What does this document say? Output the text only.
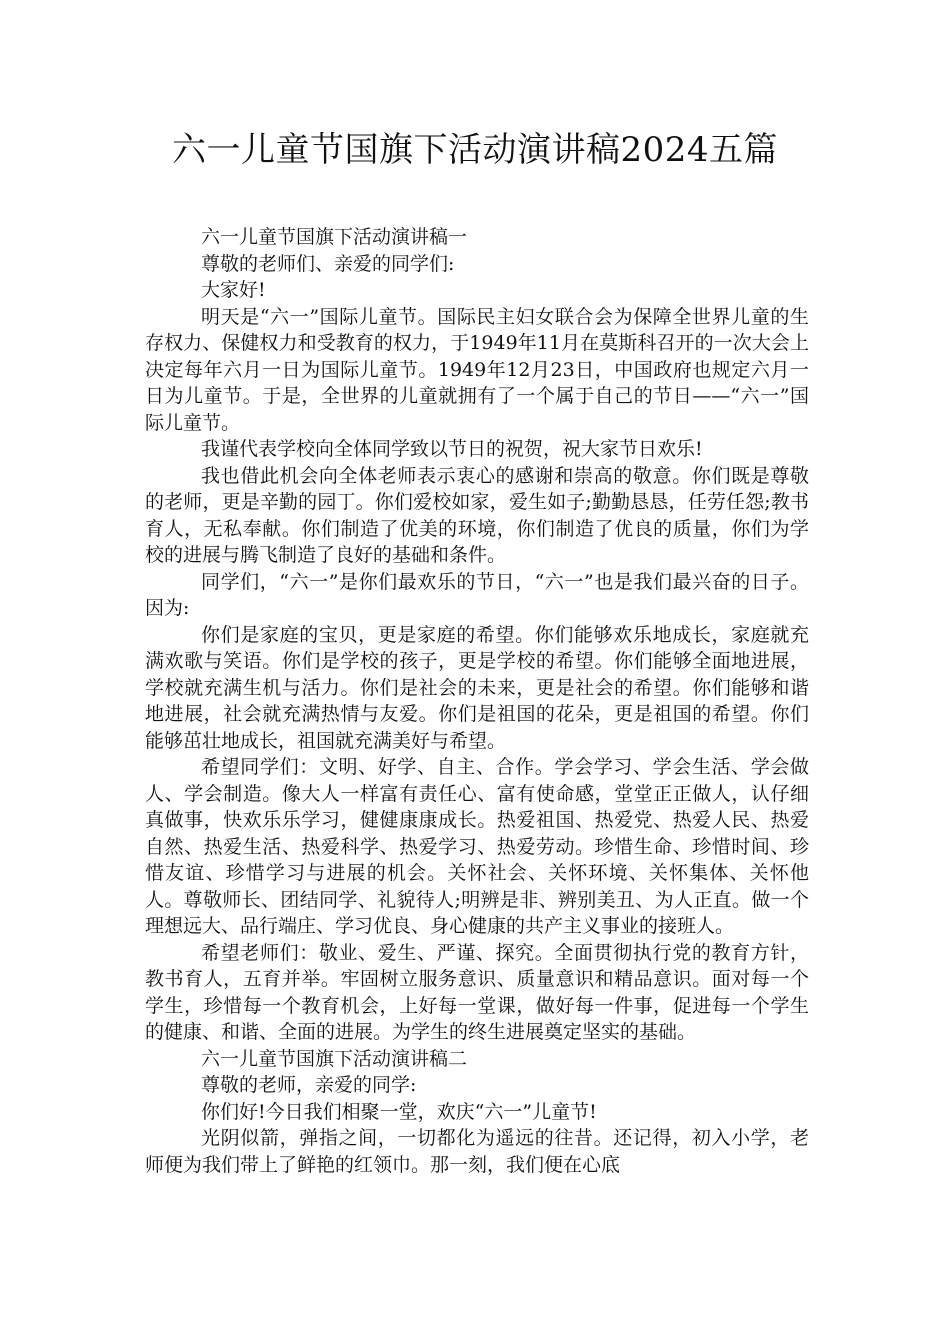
六一儿童节国旗下活动演讲稿2024五篇

六一儿童节国旗下活动演讲稿一

尊敬的老师们、亲爱的同学们:

大家好!

明天是“六一”国际儿童节。国际民主妇女联合会为保障全世界儿童的生存权力、保健权力和受教育的权力，于1949年11月在莫斯科召开的一次大会上决定每年六月一日为国际儿童节。1949年12月23日，中国政府也规定六月一日为儿童节。于是，全世界的儿童就拥有了一个属于自己的节日——“六一”国际儿童节。

我谨代表学校向全体同学致以节日的祝贺，祝大家节日欢乐!

我也借此机会向全体老师表示衷心的感谢和崇高的敬意。你们既是尊敬的老师，更是辛勤的园丁。你们爱校如家，爱生如子;勤勤恳恳，任劳任怨;教书育人，无私奉献。你们制造了优美的环境，你们制造了优良的质量，你们为学校的进展与腾飞制造了良好的基础和条件。

同学们，“六一”是你们最欢乐的节日，“六一”也是我们最兴奋的日子。因为:

你们是家庭的宝贝，更是家庭的希望。你们能够欢乐地成长，家庭就充满欢歌与笑语。你们是学校的孩子，更是学校的希望。你们能够全面地进展，学校就充满生机与活力。你们是社会的未来，更是社会的希望。你们能够和谐地进展，社会就充满热情与友爱。你们是祖国的花朵，更是祖国的希望。你们能够茁壮地成长，祖国就充满美好与希望。

希望同学们：文明、好学、自主、合作。学会学习、学会生活、学会做人、学会制造。像大人一样富有责任心、富有使命感，堂堂正正做人，认仔细真做事，快欢乐乐学习，健健康康成长。热爱祖国、热爱党、热爱人民、热爱自然、热爱生活、热爱科学、热爱学习、热爱劳动。珍惜生命、珍惜时间、珍惜友谊、珍惜学习与进展的机会。关怀社会、关怀环境、关怀集体、关怀他人。尊敬师长、团结同学、礼貌待人;明辨是非、辨别美丑、为人正直。做一个理想远大、品行端庄、学习优良、身心健康的共产主义事业的接班人。

希望老师们：敬业、爱生、严谨、探究。全面贯彻执行党的教育方针，教书育人，五育并举。牢固树立服务意识、质量意识和精品意识。面对每一个学生，珍惜每一个教育机会，上好每一堂课，做好每一件事，促进每一个学生的健康、和谐、全面的进展。为学生的终生进展奠定坚实的基础。

六一儿童节国旗下活动演讲稿二

尊敬的老师，亲爱的同学:

你们好!今日我们相聚一堂，欢庆“六一”儿童节!

光阴似箭，弹指之间，一切都化为遥远的往昔。还记得，初入小学，老师便为我们带上了鲜艳的红领巾。那一刻，我们便在心底
